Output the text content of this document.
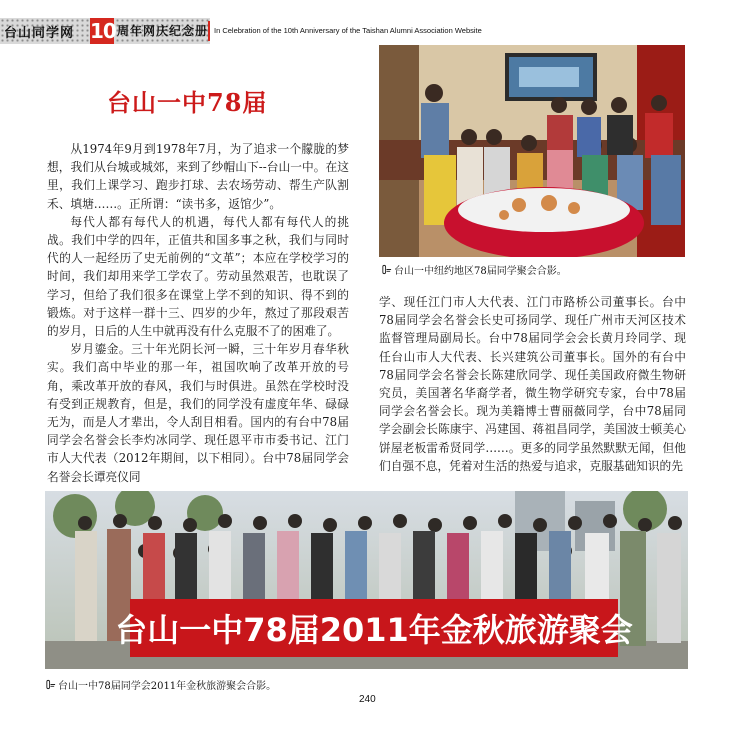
台山同学网 10 周年网庆纪念册 In Celebration of the 10th Anniversary of the Taishan Alumni Association Website
台山一中78届

从1974年9月到1978年7月，为了追求一个朦胧的梦想，我们从台城或城郊，来到了纱帽山下--台山一中。在这里，我们上课学习、跑步打球、去农场劳动、帮生产队割禾、填塘……。正所谓：“读书多，返馆少”。

每代人都有每代人的机遇，每代人都有每代人的挑战。我们中学的四年，正值共和国多事之秋，我们与同时代的人一起经历了史无前例的“文革”；本应在学校学习的时间，我们却用来学工学农了。劳动虽然艰苦，也耽误了学习，但给了我们很多在课堂上学不到的知识、得不到的锻炼。对于这样一群十三、四岁的少年，熬过了那段艰苦的岁月，日后的人生中就再没有什么克服不了的困难了。

岁月鎏金。三十年光阴长河一瞬，三十年岁月春华秋实。我们高中毕业的那一年，祖国吹响了改革开放的号角，乘改革开放的春风，我们与时俱进。虽然在学校时没有受到正规教育，但是，我们的同学没有虚度年华、碌碌无为，而是人才辈出，令人刮目相看。国内的有台中78届同学会名誉会长李灼冰同学、现任恩平市市委书记、江门市人大代表（2012年期间，以下相同）。台中78届同学会名誉会长谭亮仪同

台山一中纽约地区78届同学聚会合影。

学、现任江门市人大代表、江门市路桥公司董事长。台中78届同学会名誉会长史可扬同学、现任广州市天河区技术监督管理局副局长。台中78届同学会会长黄月玲同学、现任台山市人大代表、长兴建筑公司董事长。国外的有台中78届同学会名誉会长陈建欣同学、现任美国政府微生物研究员，美国著名华裔学者，微生物学研究专家，台中78届同学会名誉会长。现为美籍博士曹丽薇同学，台中78届同学会副会长陈康宇、冯建国、蒋祖昌同学，美国波士顿美心饼屋老板雷希贤同学……。更多的同学虽然默默无闻，但他们自强不息，凭着对生活的热爱与追求，克服基础知识的先

台山一中78届2011年金秋旅游聚会
台山一中78届同学会2011年金秋旅游聚会合影。
240
